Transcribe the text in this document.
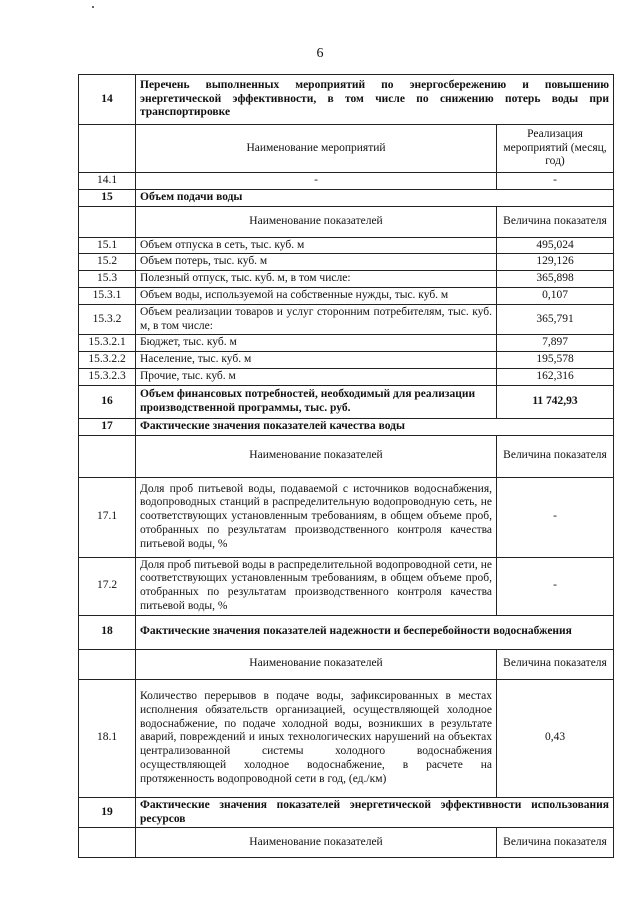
6
14	Перечень выполненных мероприятий по энергосбережению и повышению энергетической эффективности, в том числе по снижению потерь воды при транспортировке	
	Наименование мероприятий	Реализация мероприятий (месяц, год)
14.1	-	-
15	Объем подачи воды	
	Наименование показателей	Величина показателя
15.1	Объем отпуска в сеть, тыс. куб. м	495,024
15.2	Объем потерь, тыс. куб. м	129,126
15.3	Полезный отпуск, тыс. куб. м, в том числе:	365,898
15.3.1	Объем воды, используемой на собственные нужды, тыс. куб. м	0,107
15.3.2	Объем реализации товаров и услуг сторонним потребителям, тыс. куб. м, в том числе:	365,791
15.3.2.1	Бюджет, тыс. куб. м	7,897
15.3.2.2	Население, тыс. куб. м	195,578
15.3.2.3	Прочие, тыс. куб. м	162,316
16	Объем финансовых потребностей, необходимый для реализации производственной программы, тыс. руб.	11 742,93
17	Фактические значения показателей качества воды	
	Наименование показателей	Величина показателя
17.1	Доля проб питьевой воды, подаваемой с источников водоснабжения, водопроводных станций в распределительную водопроводную сеть, не соответствующих установленным требованиям, в общем объеме проб, отобранных по результатам производственного контроля качества питьевой воды, %	-
17.2	Доля проб питьевой воды в распределительной водопроводной сети, не соответствующих установленным требованиям, в общем объеме проб, отобранных по результатам производственного контроля качества питьевой воды, %	-
18	Фактические значения показателей надежности и бесперебойности водоснабжения	
	Наименование показателей	Величина показателя
18.1	Количество перерывов в подаче воды, зафиксированных в местах исполнения обязательств организацией, осуществляющей холодное водоснабжение, по подаче холодной воды, возникших в результате аварий, повреждений и иных технологических нарушений на объектах централизованной системы холодного водоснабжения осуществляющей холодное водоснабжение, в расчете на протяженность водопроводной сети в год, (ед./км)	0,43
19	Фактические значения показателей энергетической эффективности использования ресурсов	
	Наименование показателей	Величина показателя
